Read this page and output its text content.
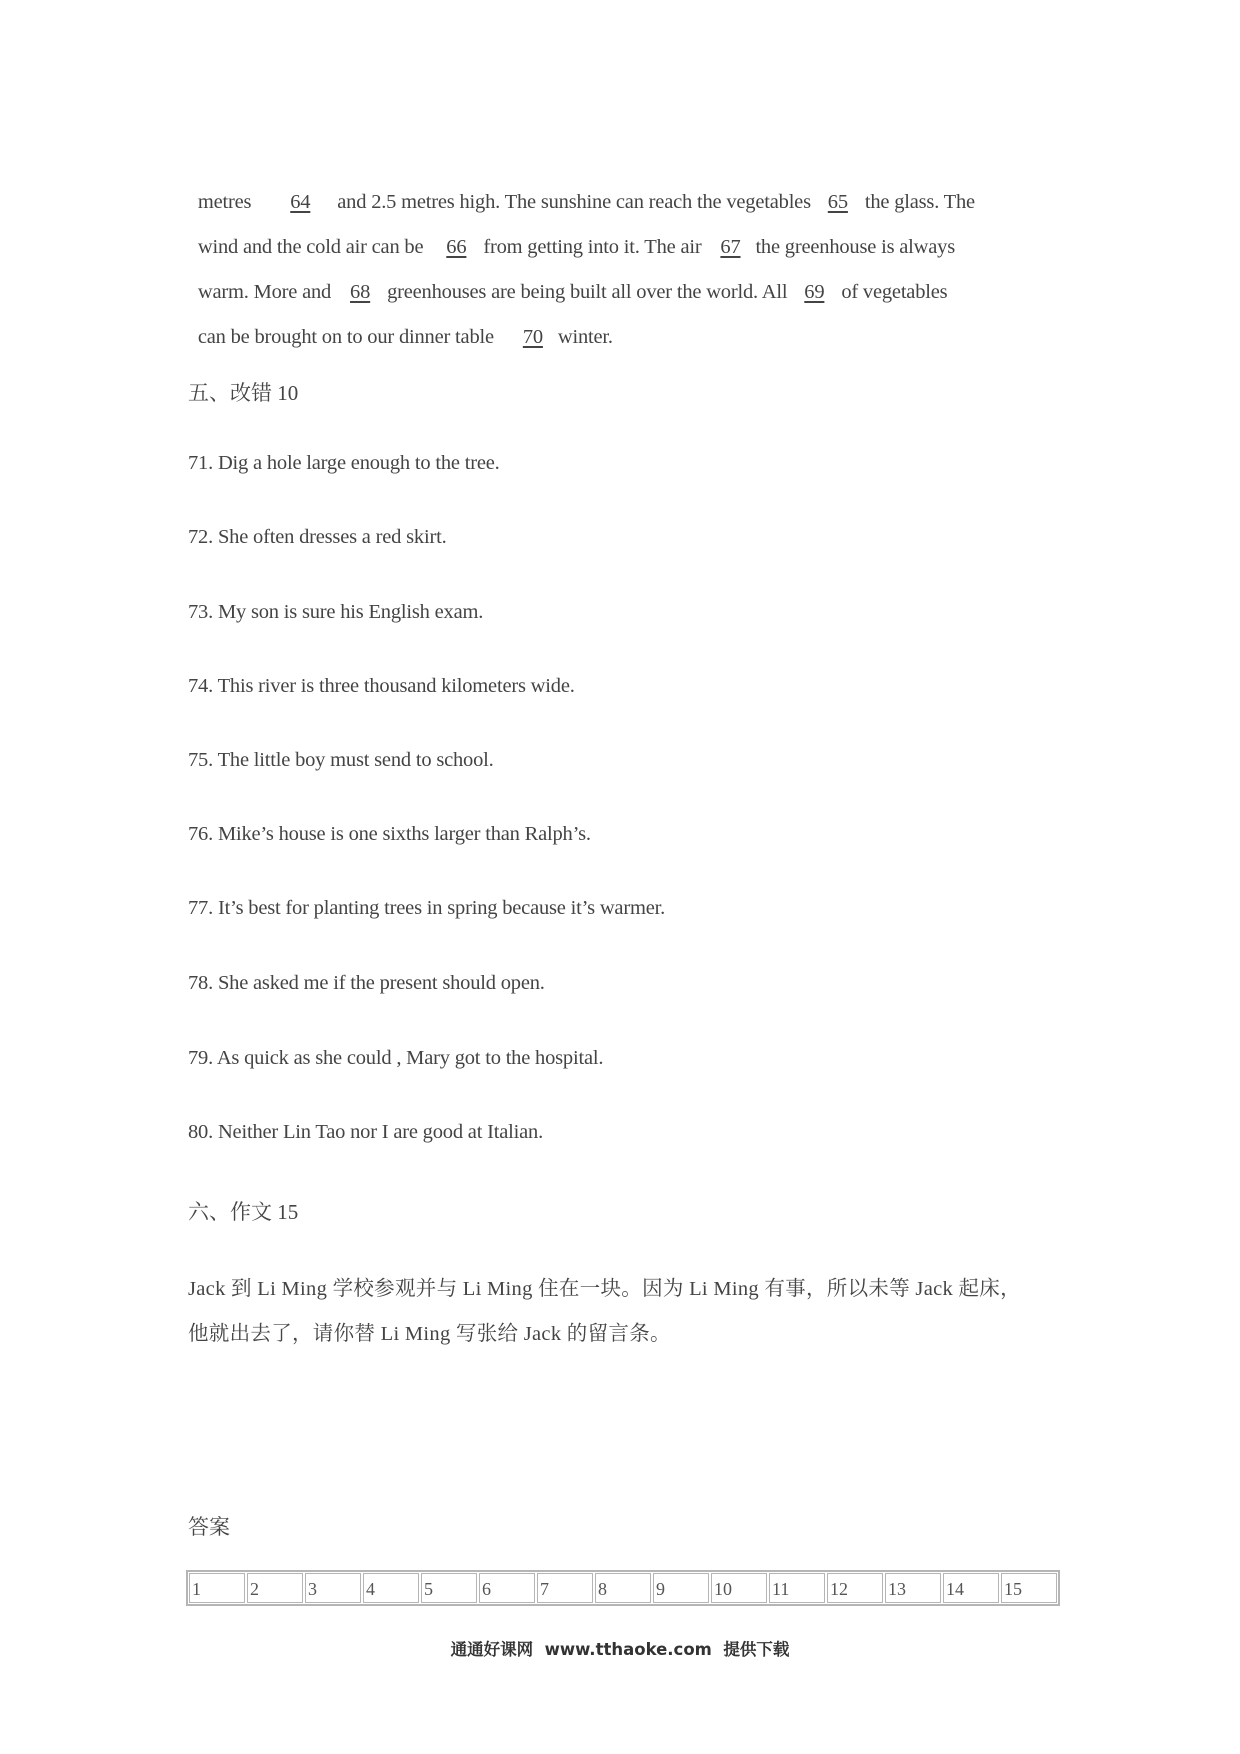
metres 64 and 2.5 metres high. The sunshine can reach the vegetables 65 the glass. The

wind and the cold air can be 66 from getting into it. The air 67 the greenhouse is always

warm. More and 68 greenhouses are being built all over the world. All 69 of vegetables

can be brought on to our dinner table 70 winter.

五、改错 10
71. Dig a hole large enough to the tree.
72. She often dresses a red skirt.
73. My son is sure his English exam.
74. This river is three thousand kilometers wide.
75. The little boy must send to school.
76. Mike’s house is one sixths larger than Ralph’s.
77. It’s best for planting trees in spring because it’s warmer.
78. She asked me if the present should open.
79. As quick as she could , Mary got to the hospital.
80. Neither Lin Tao nor I are good at Italian.
六、作文 15
Jack 到 Li Ming 学校参观并与 Li Ming 住在一块。因为 Li Ming 有事，所以未等 Jack 起床，
他就出去了，请你替 Li Ming 写张给 Jack 的留言条。
答案
1	2	3	4	5	6	7	8	9	10	11	12	13	14	15
通通好课网  www.tthaoke.com  提供下载
